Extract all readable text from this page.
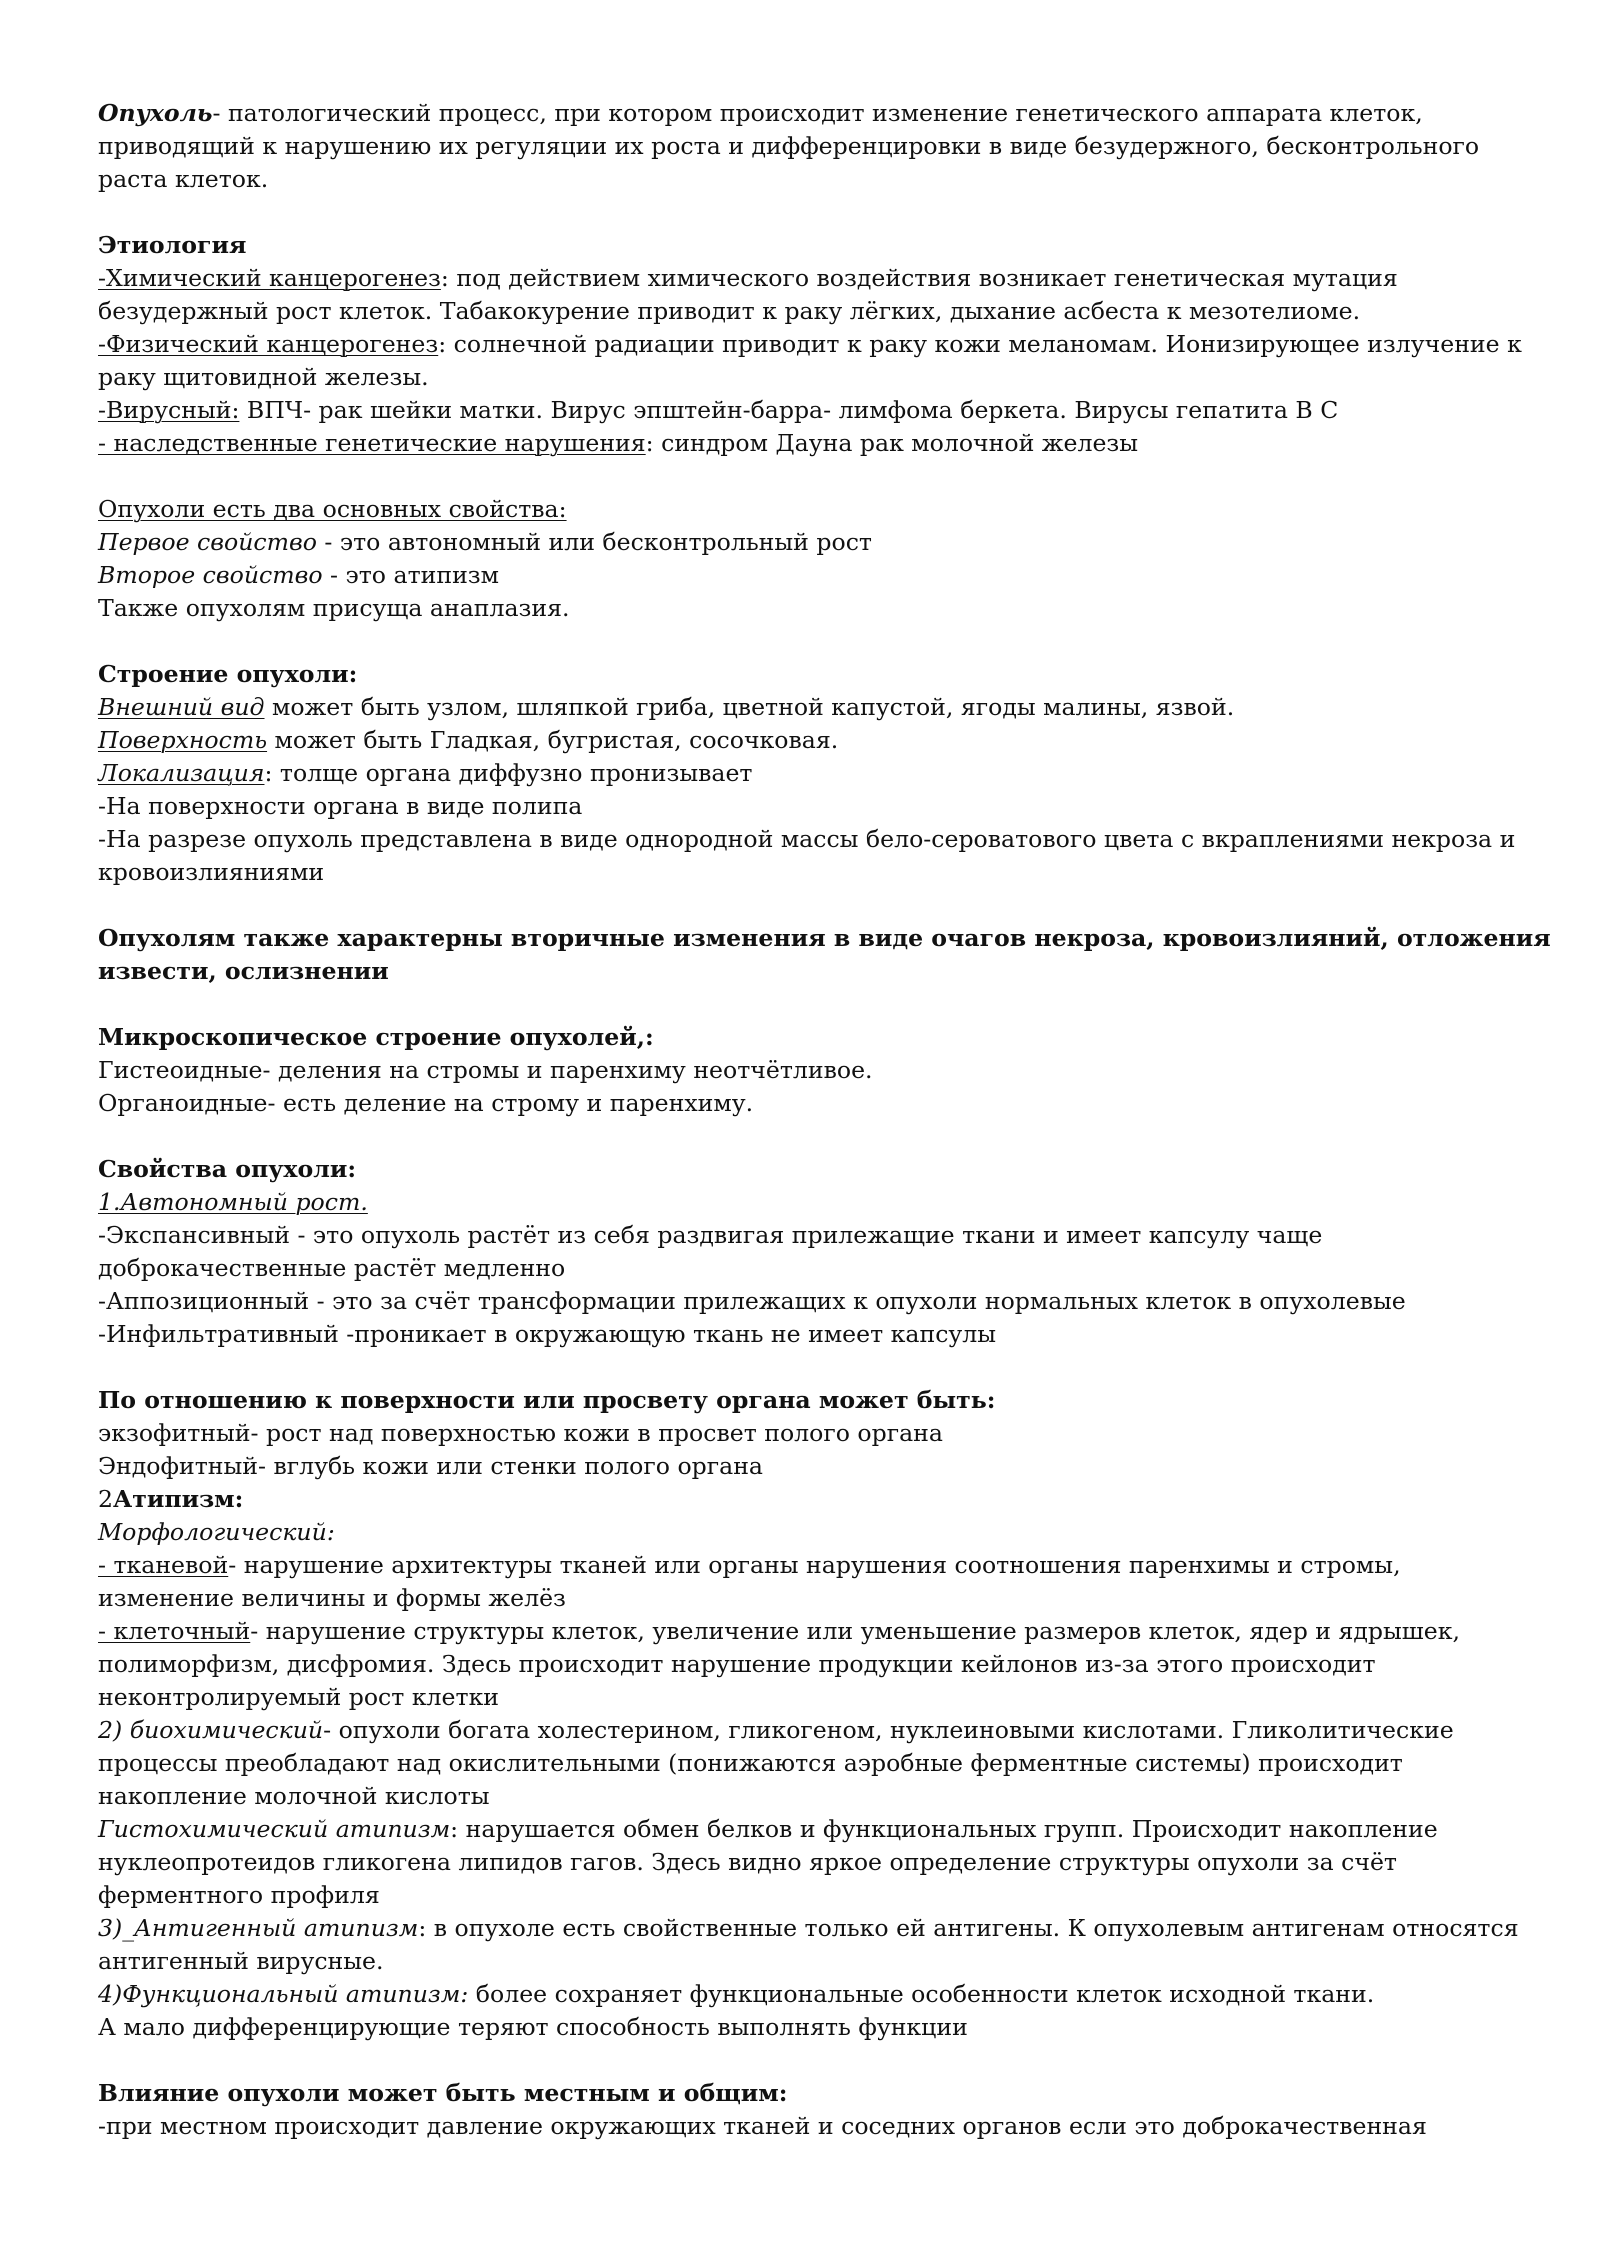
Опухоль- патологический процесс, при котором происходит изменение генетического аппарата клеток,
приводящий к нарушению их регуляции их роста и дифференцировки в виде безудержного, бесконтрольного
раста клеток.
Этиология
-Химический канцерогенез: под действием химического воздействия возникает генетическая мутация
безудержный рост клеток. Табакокурение приводит к раку лёгких, дыхание асбеста к мезотелиоме.
-Физический канцерогенез: солнечной радиации приводит к раку кожи меланомам. Ионизирующее излучение к
раку щитовидной железы.
-Вирусный: ВПЧ- рак шейки матки. Вирус эпштейн-барра- лимфома беркета. Вирусы гепатита В С
- наследственные генетические нарушения: синдром Дауна рак молочной железы
Опухоли есть два основных свойства:
Первое свойство - это автономный или бесконтрольный рост
Второе свойство - это атипизм
Также опухолям присуща анаплазия.
Строение опухоли:
Внешний вид может быть узлом, шляпкой гриба, цветной капустой, ягоды малины, язвой.
Поверхность может быть Гладкая, бугристая, сосочковая.
Локализация: толще органа диффузно пронизывает
-На поверхности органа в виде полипа
-На разрезе опухоль представлена в виде однородной массы бело-сероватового цвета с вкраплениями некроза и
кровоизлияниями
Опухолям также характерны вторичные изменения в виде очагов некроза, кровоизлияний, отложения
извести, ослизнении
Микроскопическое строение опухолей,:
Гистеоидные- деления на стромы и паренхиму неотчётливое.
Органоидные- есть деление на строму и паренхиму.
Свойства опухоли:
1.Автономный рост.
-Экспансивный - это опухоль растёт из себя раздвигая прилежащие ткани и имеет капсулу чаще
доброкачественные растёт медленно
-Аппозиционный - это за счёт трансформации прилежащих к опухоли нормальных клеток в опухолевые
-Инфильтративный -проникает в окружающую ткань не имеет капсулы
По отношению к поверхности или просвету органа может быть:
экзофитный- рост над поверхностью кожи в просвет полого органа
Эндофитный- вглубь кожи или стенки полого органа
2Атипизм:
Морфологический:
- тканевой- нарушение архитектуры тканей или органы нарушения соотношения паренхимы и стромы,
изменение величины и формы желёз
- клеточный- нарушение структуры клеток, увеличение или уменьшение размеров клеток, ядер и ядрышек,
полиморфизм, дисфромия. Здесь происходит нарушение продукции кейлонов из-за этого происходит
неконтролируемый рост клетки
2) биохимический- опухоли богата холестерином, гликогеном, нуклеиновыми кислотами. Гликолитические
процессы преобладают над окислительными (понижаются аэробные ферментные системы) происходит
накопление молочной кислоты
Гистохимический атипизм: нарушается обмен белков и функциональных групп. Происходит накопление
нуклеопротеидов гликогена липидов гагов. Здесь видно яркое определение структуры опухоли за счёт
ферментного профиля
3)_Антигенный атипизм: в опухоле есть свойственные только ей антигены. К опухолевым антигенам относятся
антигенный вирусные.
4)Функциональный атипизм: более сохраняет функциональные особенности клеток исходной ткани.
А мало дифференцирующие теряют способность выполнять функции
Влияние опухоли может быть местным и общим:
-при местном происходит давление окружающих тканей и соседних органов если это доброкачественная
